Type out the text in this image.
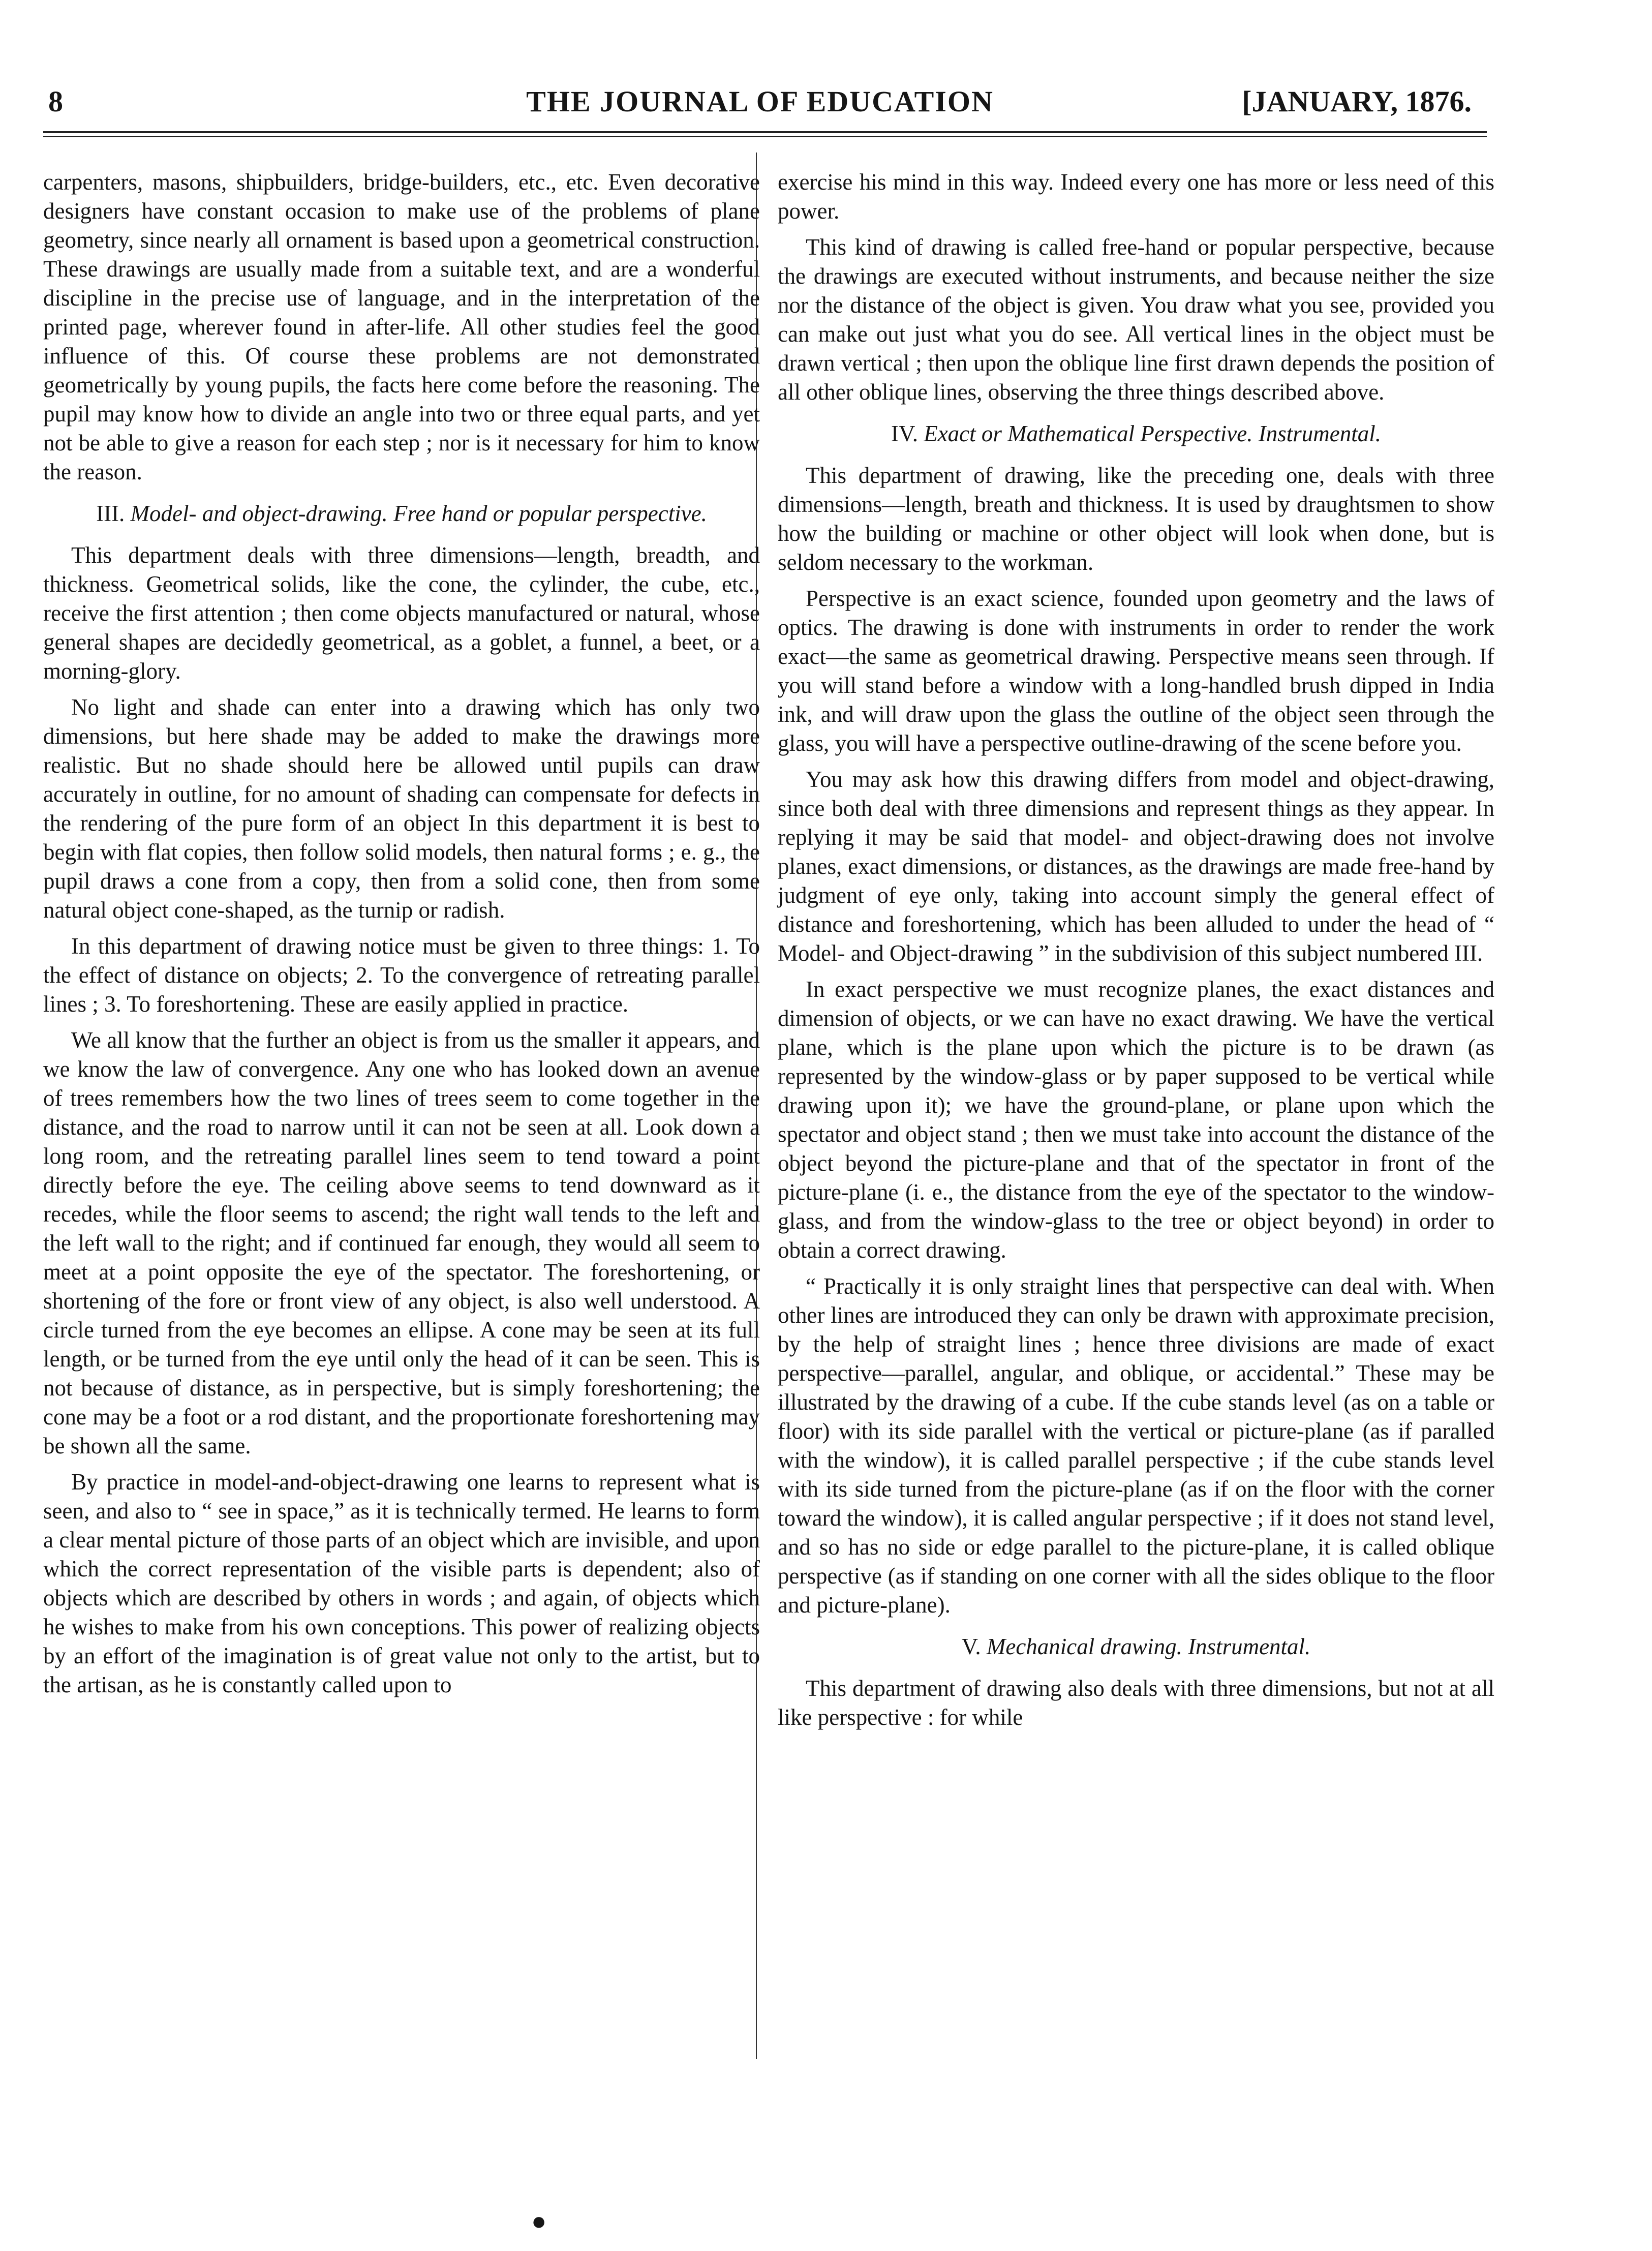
8	THE JOURNAL OF EDUCATION	[JANUARY, 1876.

carpenters, masons, shipbuilders, bridge-builders, etc., etc. Even decorative designers have constant occasion to make use of the problems of plane geometry, since nearly all ornament is based upon a geometrical construction. These drawings are usually made from a suitable text, and are a wonderful discipline in the precise use of language, and in the interpretation of the printed page, wherever found in after-life. All other studies feel the good influence of this. Of course these problems are not demonstrated geometrically by young pupils, the facts here come before the reasoning. The pupil may know how to divide an angle into two or three equal parts, and yet not be able to give a reason for each step ; nor is it necessary for him to know the reason.

III. Model- and object-drawing. Free hand or popular perspective.

This department deals with three dimensions—length, breadth, and thickness. Geometrical solids, like the cone, the cylinder, the cube, etc., receive the first attention ; then come objects manufactured or natural, whose general shapes are decidedly geometrical, as a goblet, a funnel, a beet, or a morning-glory.

No light and shade can enter into a drawing which has only two dimensions, but here shade may be added to make the drawings more realistic. But no shade should here be allowed until pupils can draw accurately in outline, for no amount of shading can compensate for defects in the rendering of the pure form of an object In this department it is best to begin with flat copies, then follow solid models, then natural forms ; e. g., the pupil draws a cone from a copy, then from a solid cone, then from some natural object cone-shaped, as the turnip or radish.

In this department of drawing notice must be given to three things: 1. To the effect of distance on objects; 2. To the convergence of retreating parallel lines ; 3. To foreshortening. These are easily applied in practice.

We all know that the further an object is from us the smaller it appears, and we know the law of convergence. Any one who has looked down an avenue of trees remembers how the two lines of trees seem to come together in the distance, and the road to narrow until it can not be seen at all. Look down a long room, and the retreating parallel lines seem to tend toward a point directly before the eye. The ceiling above seems to tend downward as it recedes, while the floor seems to ascend; the right wall tends to the left and the left wall to the right; and if continued far enough, they would all seem to meet at a point opposite the eye of the spectator. The foreshortening, or shortening of the fore or front view of any object, is also well understood. A circle turned from the eye becomes an ellipse. A cone may be seen at its full length, or be turned from the eye until only the head of it can be seen. This is not because of distance, as in perspective, but is simply foreshortening; the cone may be a foot or a rod distant, and the proportionate foreshortening may be shown all the same.

By practice in model-and-object-drawing one learns to represent what is seen, and also to “ see in space,” as it is technically termed. He learns to form a clear mental picture of those parts of an object which are invisible, and upon which the correct representation of the visible parts is dependent; also of objects which are described by others in words ; and again, of objects which he wishes to make from his own conceptions. This power of realizing objects by an effort of the imagination is of great value not only to the artist, but to the artisan, as he is constantly called upon to

exercise his mind in this way. Indeed every one has more or less need of this power.

This kind of drawing is called free-hand or popular perspective, because the drawings are executed without instruments, and because neither the size nor the distance of the object is given. You draw what you see, provided you can make out just what you do see. All vertical lines in the object must be drawn vertical ; then upon the oblique line first drawn depends the position of all other oblique lines, observing the three things described above.

IV. Exact or Mathematical Perspective. Instrumental.

This department of drawing, like the preceding one, deals with three dimensions—length, breath and thickness. It is used by draughtsmen to show how the building or machine or other object will look when done, but is seldom necessary to the workman.

Perspective is an exact science, founded upon geometry and the laws of optics. The drawing is done with instruments in order to render the work exact—the same as geometrical drawing. Perspective means seen through. If you will stand before a window with a long-handled brush dipped in India ink, and will draw upon the glass the outline of the object seen through the glass, you will have a perspective outline-drawing of the scene before you.

You may ask how this drawing differs from model and object-drawing, since both deal with three dimensions and represent things as they appear. In replying it may be said that model- and object-drawing does not involve planes, exact dimensions, or distances, as the drawings are made free-hand by judgment of eye only, taking into account simply the general effect of distance and foreshortening, which has been alluded to under the head of “ Model- and Object-drawing ” in the subdivision of this subject numbered III.

In exact perspective we must recognize planes, the exact distances and dimension of objects, or we can have no exact drawing. We have the vertical plane, which is the plane upon which the picture is to be drawn (as represented by the window-glass or by paper supposed to be vertical while drawing upon it); we have the ground-plane, or plane upon which the spectator and object stand ; then we must take into account the distance of the object beyond the picture-plane and that of the spectator in front of the picture-plane (i. e., the distance from the eye of the spectator to the window-glass, and from the window-glass to the tree or object beyond) in order to obtain a correct drawing.

“ Practically it is only straight lines that perspective can deal with. When other lines are introduced they can only be drawn with approximate precision, by the help of straight lines ; hence three divisions are made of exact perspective—parallel, angular, and oblique, or accidental.” These may be illustrated by the drawing of a cube. If the cube stands level (as on a table or floor) with its side parallel with the vertical or picture-plane (as if paralled with the window), it is called parallel perspective ; if the cube stands level with its side turned from the picture-plane (as if on the floor with the corner toward the window), it is called angular perspective ; if it does not stand level, and so has no side or edge parallel to the picture-plane, it is called oblique perspective (as if standing on one corner with all the sides oblique to the floor and picture-plane).

V. Mechanical drawing. Instrumental.

This department of drawing also deals with three dimensions, but not at all like perspective : for while

●
